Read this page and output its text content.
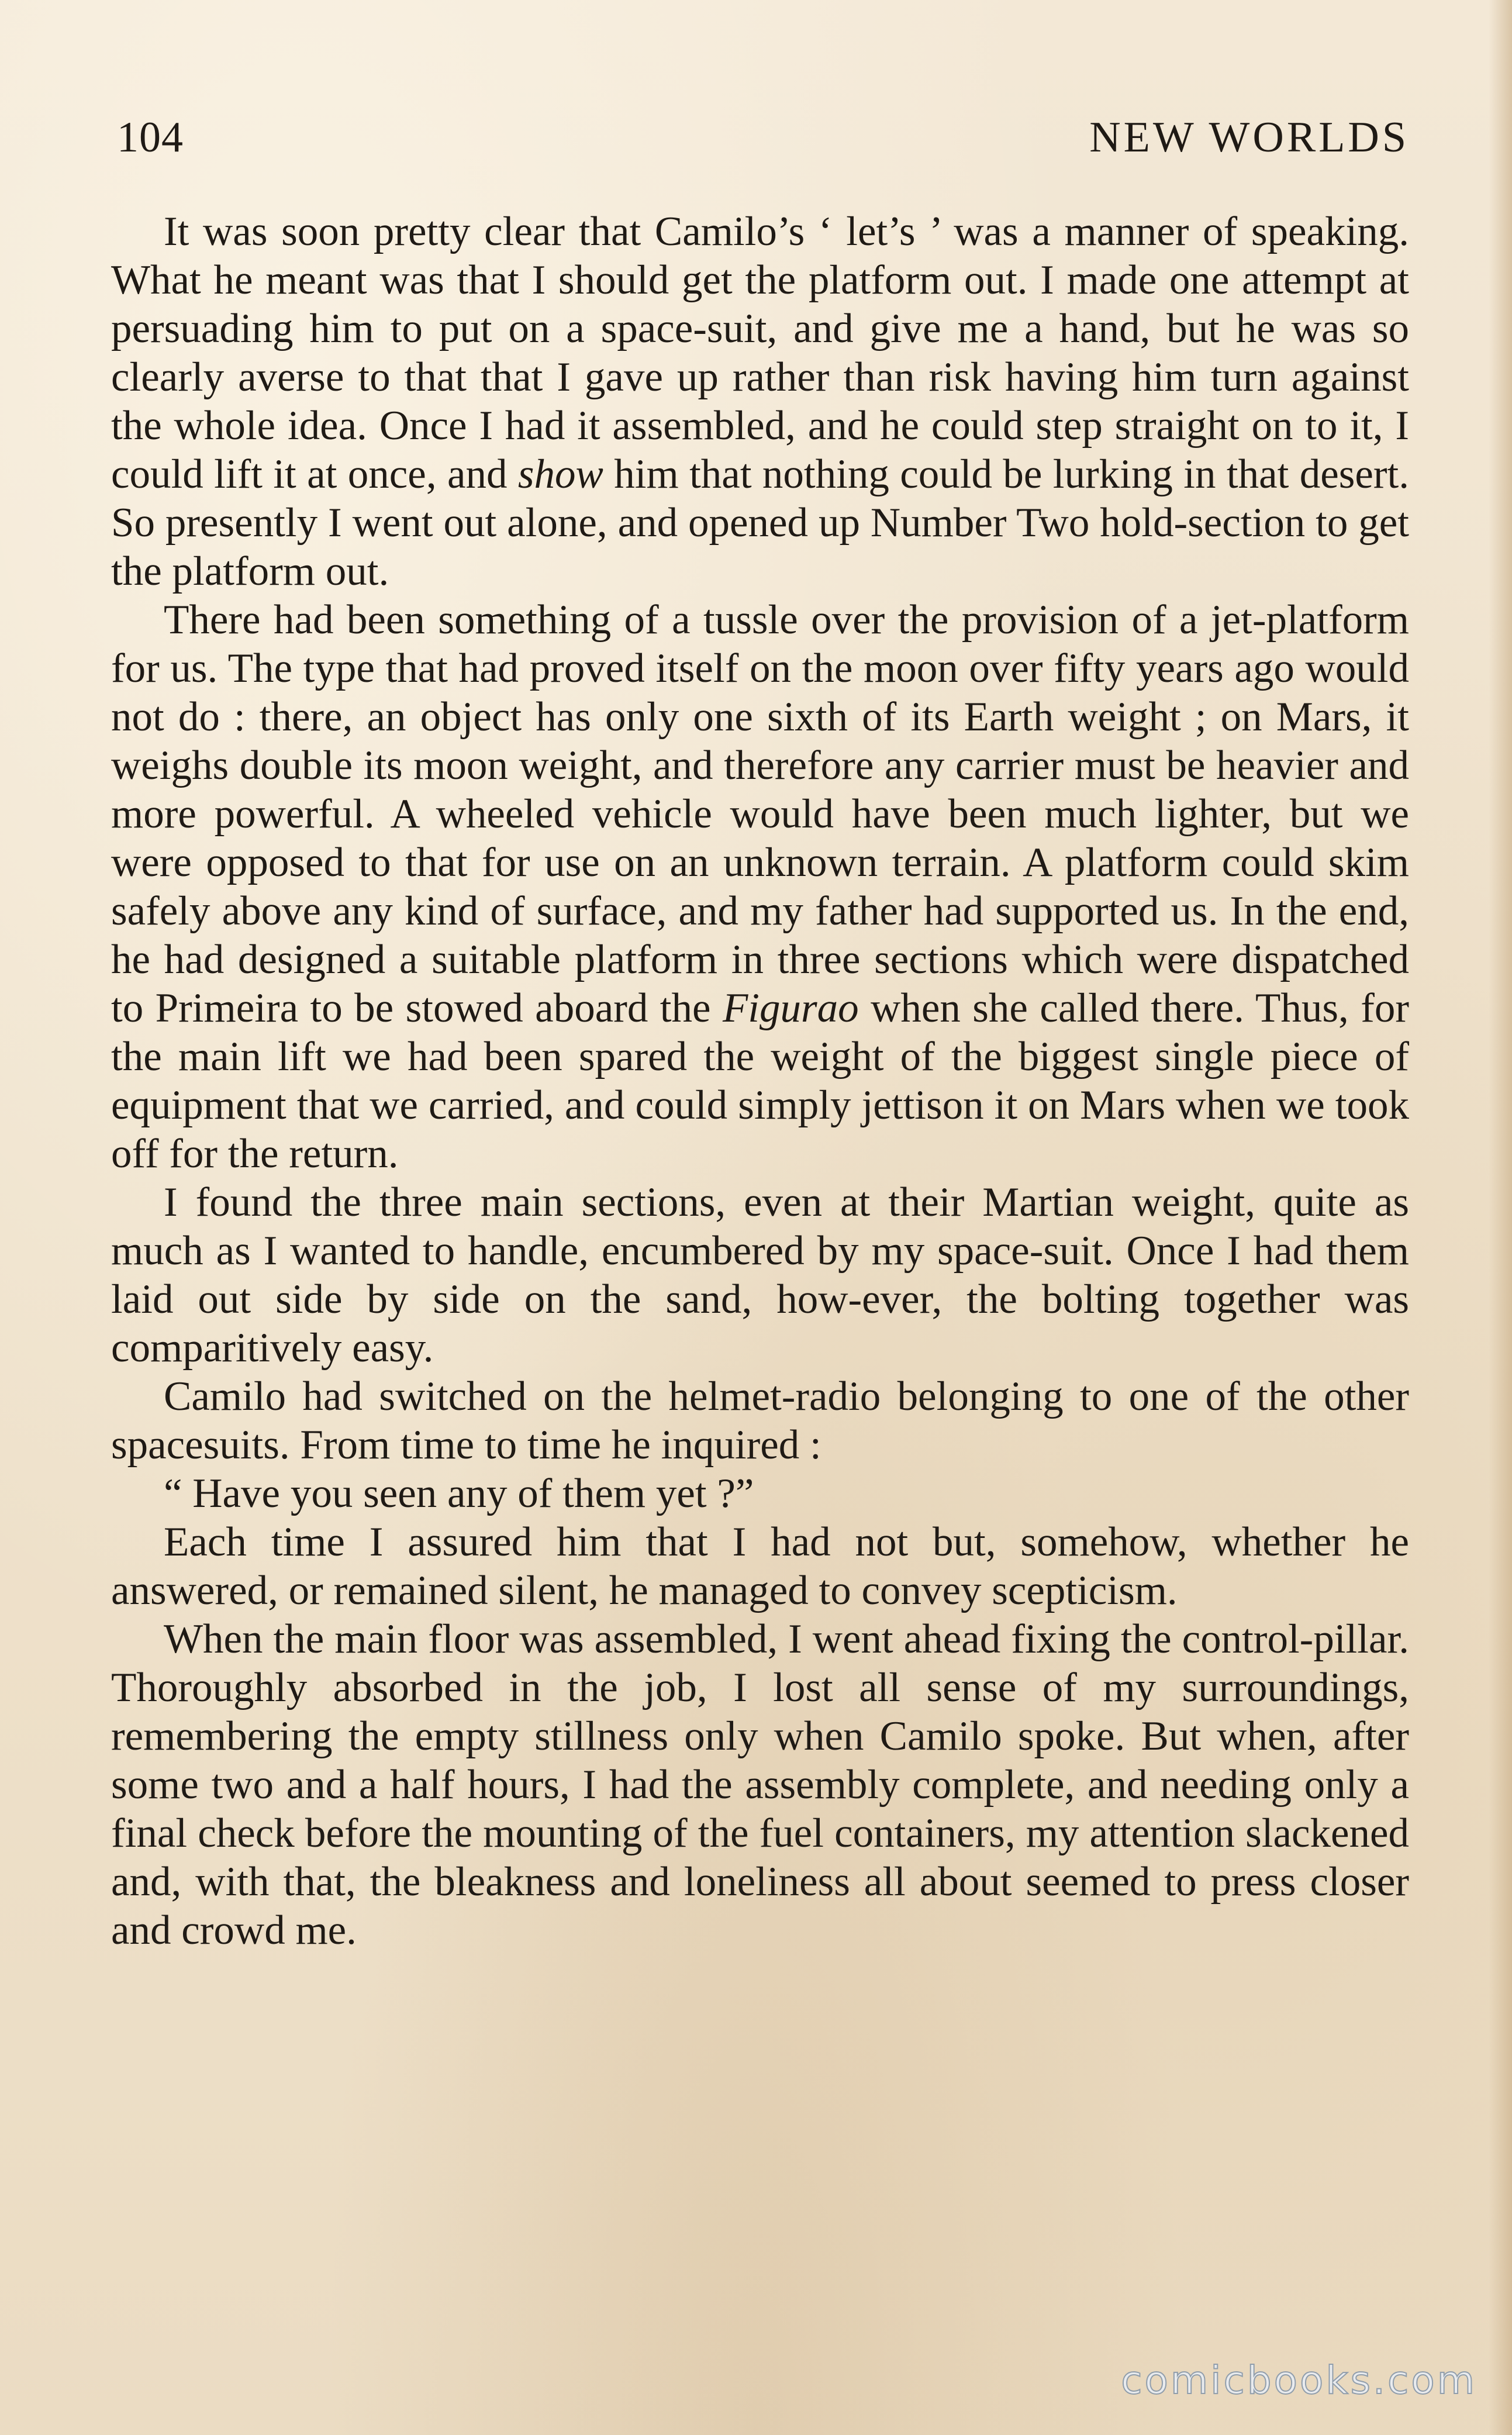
104	NEW WORLDS

It was soon pretty clear that Camilo’s ‘ let’s ’ was a manner of speaking. What he meant was that I should get the platform out. I made one attempt at persuading him to put on a space-suit, and give me a hand, but he was so clearly averse to that that I gave up rather than risk having him turn against the whole idea. Once I had it assembled, and he could step straight on to it, I could lift it at once, and show him that nothing could be lurking in that desert. So presently I went out alone, and opened up Number Two hold-section to get the platform out.

There had been something of a tussle over the provision of a jet-platform for us. The type that had proved itself on the moon over fifty years ago would not do : there, an object has only one sixth of its Earth weight ; on Mars, it weighs double its moon weight, and therefore any carrier must be heavier and more powerful. A wheeled vehicle would have been much lighter, but we were opposed to that for use on an unknown terrain. A platform could skim safely above any kind of surface, and my father had supported us. In the end, he had designed a suitable platform in three sections which were dispatched to Primeira to be stowed aboard the Figurao when she called there. Thus, for the main lift we had been spared the weight of the biggest single piece of equipment that we carried, and could simply jettison it on Mars when we took off for the return.

I found the three main sections, even at their Martian weight, quite as much as I wanted to handle, encumbered by my space-suit. Once I had them laid out side by side on the sand, how-ever, the bolting together was comparitively easy.

Camilo had switched on the helmet-radio belonging to one of the other spacesuits. From time to time he inquired :

“ Have you seen any of them yet ?”

Each time I assured him that I had not but, somehow, whether he answered, or remained silent, he managed to convey scepticism.

When the main floor was assembled, I went ahead fixing the control-pillar. Thoroughly absorbed in the job, I lost all sense of my surroundings, remembering the empty stillness only when Camilo spoke. But when, after some two and a half hours, I had the assembly complete, and needing only a final check before the mounting of the fuel containers, my attention slackened and, with that, the bleakness and loneliness all about seemed to press closer and crowd me.

comicbooks.com
